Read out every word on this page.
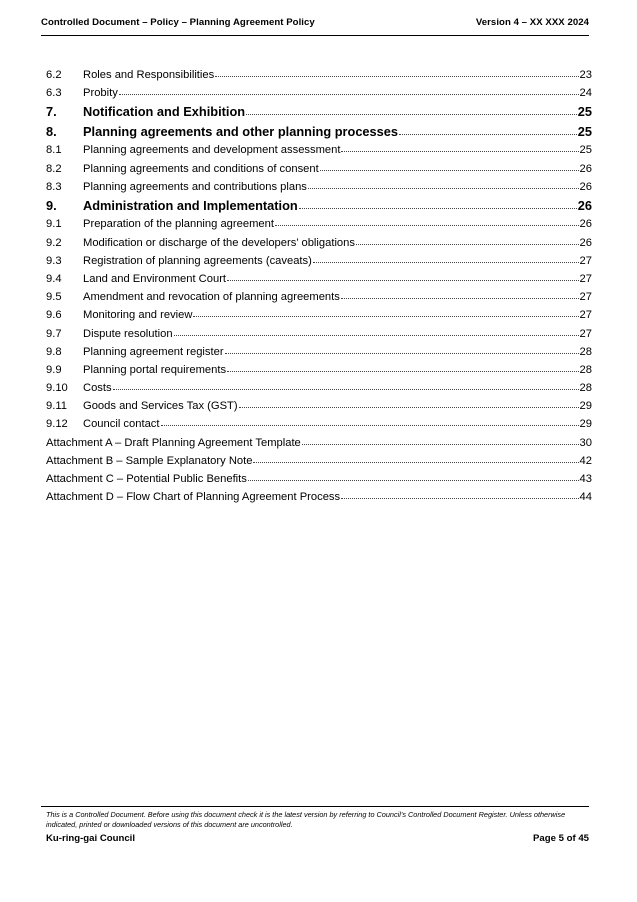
Controlled Document – Policy – Planning Agreement Policy	Version 4 – XX XXX 2024
6.2	Roles and Responsibilities	23
6.3	Probity	24
7.	Notification and Exhibition	25
8.	Planning agreements and other planning processes	25
8.1	Planning agreements and development assessment	25
8.2	Planning agreements and conditions of consent	26
8.3	Planning agreements and contributions plans	26
9.	Administration and Implementation	26
9.1	Preparation of the planning agreement	26
9.2	Modification or discharge of the developers’ obligations	26
9.3	Registration of planning agreements (caveats)	27
9.4	Land and Environment Court	27
9.5	Amendment and revocation of planning agreements	27
9.6	Monitoring and review	27
9.7	Dispute resolution	27
9.8	Planning agreement register	28
9.9	Planning portal requirements	28
9.10	Costs	28
9.11	Goods and Services Tax (GST)	29
9.12	Council contact	29
Attachment A – Draft Planning Agreement Template	30
Attachment B – Sample Explanatory Note	42
Attachment C – Potential Public Benefits	43
Attachment D – Flow Chart of Planning Agreement Process	44
This is a Controlled Document. Before using this document check it is the latest version by referring to Council’s Controlled Document Register. Unless otherwise indicated, printed or downloaded versions of this document are uncontrolled.
Ku-ring-gai Council	Page 5 of 45
